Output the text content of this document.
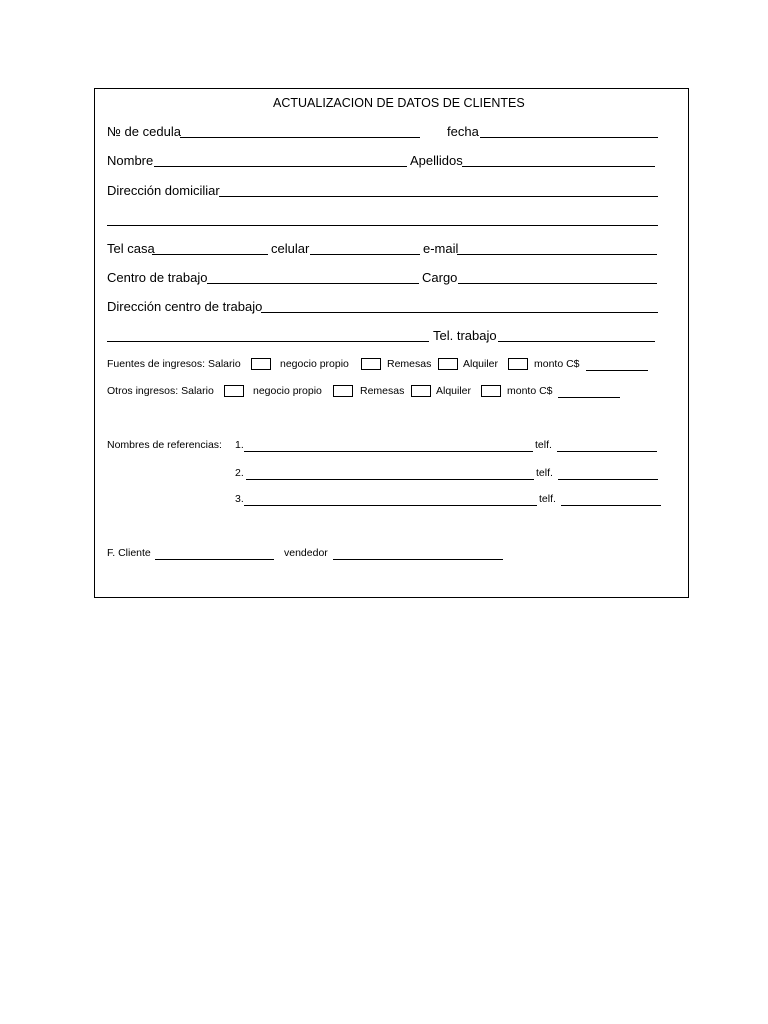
ACTUALIZACION DE DATOS DE CLIENTES
№ de cedula	fecha
Nombre	Apellidos
Dirección domiciliar
Tel casa	celular	e-mail
Centro de trabajo	Cargo
Dirección centro de trabajo
Tel. trabajo
Fuentes de ingresos: Salario	negocio propio	Remesas	Alquiler	monto C$
Otros ingresos: Salario	negocio propio	Remesas	Alquiler	monto C$
Nombres de referencias: 1.	telf.
2.	telf.
3.	telf.
F. Cliente	vendedor
